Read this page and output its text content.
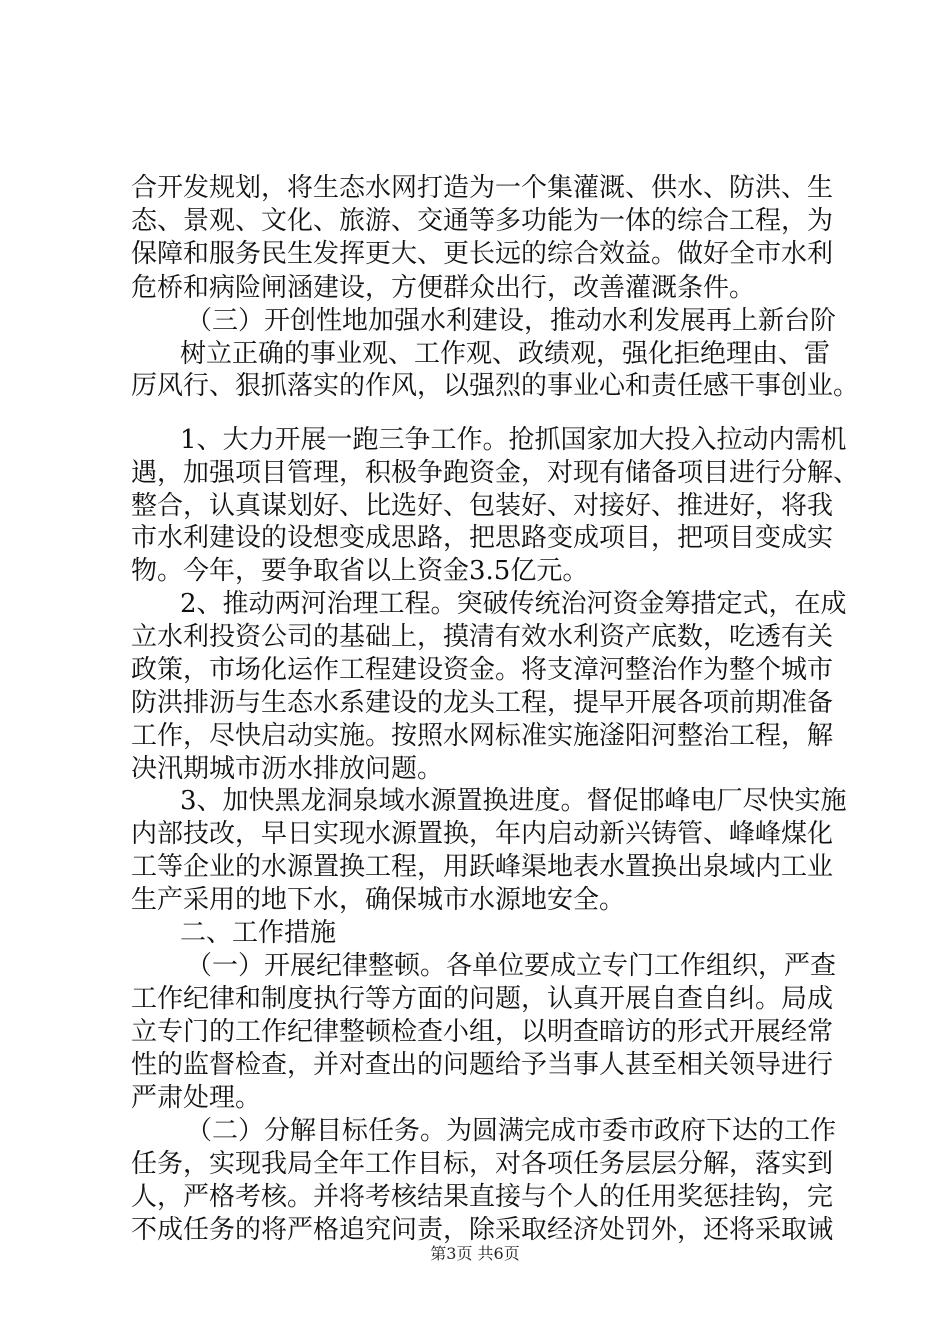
合开发规划，将生态水网打造为一个集灌溉、供水、防洪、生
态、景观、文化、旅游、交通等多功能为一体的综合工程，为
保障和服务民生发挥更大、更长远的综合效益。做好全市水利
危桥和病险闸涵建设，方便群众出行，改善灌溉条件。
（三）开创性地加强水利建设，推动水利发展再上新台阶
树立正确的事业观、工作观、政绩观，强化拒绝理由、雷
厉风行、狠抓落实的作风，以强烈的事业心和责任感干事创业。
1、大力开展一跑三争工作。抢抓国家加大投入拉动内需机
遇，加强项目管理，积极争跑资金，对现有储备项目进行分解、
整合，认真谋划好、比选好、包装好、对接好、推进好，将我
市水利建设的设想变成思路，把思路变成项目，把项目变成实
物。今年，要争取省以上资金3.5亿元。
2、推动两河治理工程。突破传统治河资金筹措定式，在成
立水利投资公司的基础上，摸清有效水利资产底数，吃透有关
政策，市场化运作工程建设资金。将支漳河整治作为整个城市
防洪排沥与生态水系建设的龙头工程，提早开展各项前期准备
工作，尽快启动实施。按照水网标准实施滏阳河整治工程，解
决汛期城市沥水排放问题。
3、加快黑龙洞泉域水源置换进度。督促邯峰电厂尽快实施
内部技改，早日实现水源置换，年内启动新兴铸管、峰峰煤化
工等企业的水源置换工程，用跃峰渠地表水置换出泉域内工业
生产采用的地下水，确保城市水源地安全。
二、工作措施
（一）开展纪律整顿。各单位要成立专门工作组织，严查
工作纪律和制度执行等方面的问题，认真开展自查自纠。局成
立专门的工作纪律整顿检查小组，以明查暗访的形式开展经常
性的监督检查，并对查出的问题给予当事人甚至相关领导进行
严肃处理。
（二）分解目标任务。为圆满完成市委市政府下达的工作
任务，实现我局全年工作目标，对各项任务层层分解，落实到
人，严格考核。并将考核结果直接与个人的任用奖惩挂钩，完
不成任务的将严格追究问责，除采取经济处罚外，还将采取诫
第3页 共6页
